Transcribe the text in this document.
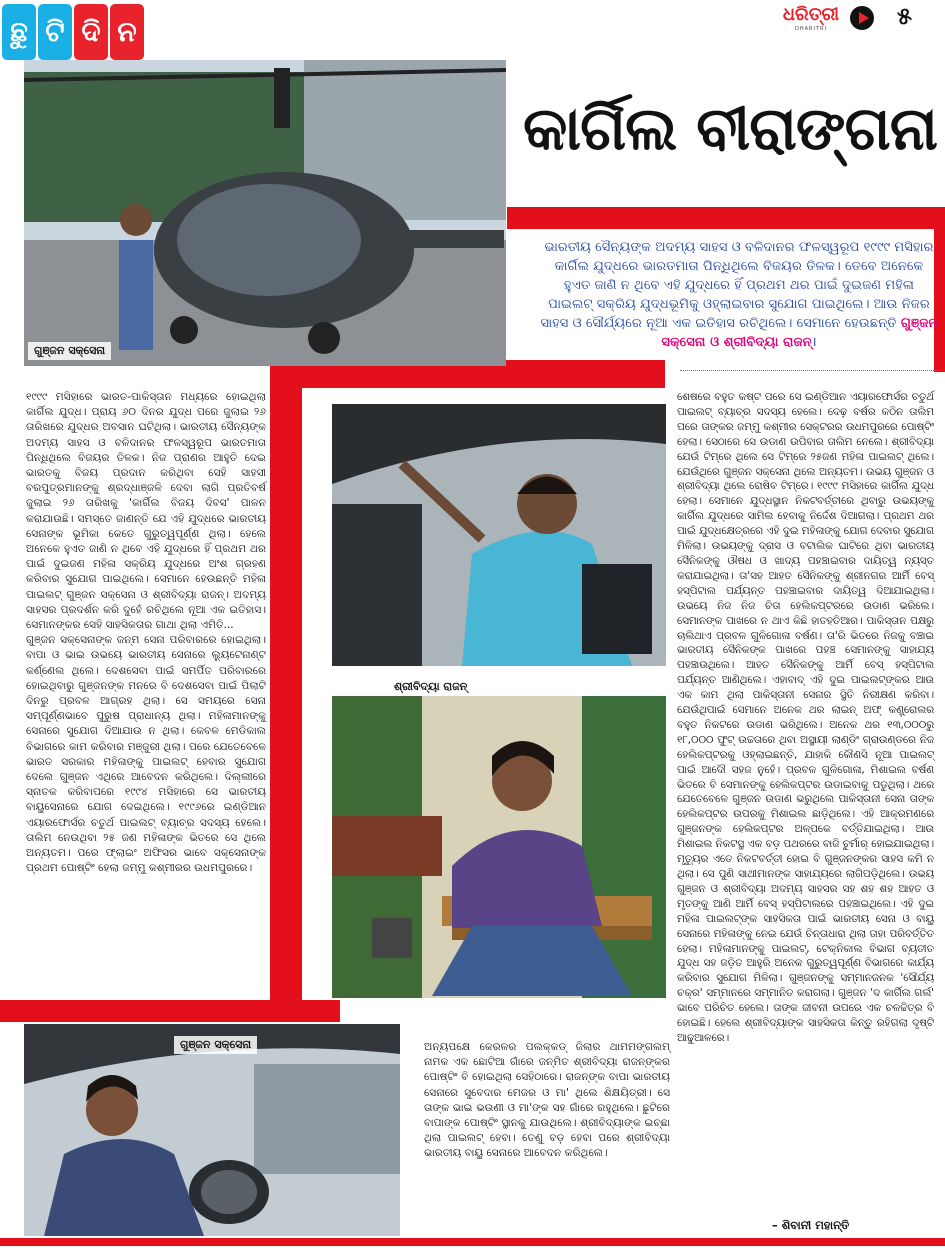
ଛୁ ଟି ଦି ନ
ଧରିତ୍ରୀ
DHARITRI	୫
ଗୁଞ୍ଜନ ସକ୍ସେନା
କାର୍ଗିଲ ବୀରାଙ୍ଗନା
ଭାରତୀୟ ସୈନ୍ୟଙ୍କ ଅଦମ୍ୟ ସାହସ ଓ ବଳିଦାନର ଫଳସ୍ୱରୂପ ୧୯୯୯ ମସିହାର କାର୍ଗିଲ ଯୁଦ୍ଧରେ ଭାରତମାତା ପିନ୍ଧିଥିଲେ ବିଜୟର ତିଳକ। ତେବେ ଅନେକେ ହୁଏତ ଜାଣି ନ ଥିବେ ଏହି ଯୁଦ୍ଧରେ ହିଁ ପ୍ରଥମ ଥର ପାଇଁ ଦୁଇଜଣ ମହିଳା ପାଇଲଟ୍ ସକ୍ରିୟ ଯୁଦ୍ଧଭୂମିକୁ ଓହ୍ଲାଇବାର ସୁଯୋଗ ପାଇଥିଲେ। ଆଉ ନିଜର ସାହସ ଓ ସୌର୍ଯ୍ୟରେ ନୂଆ ଏକ ଇତିହାସ ରଚିଥିଲେ। ସେମାନେ ହେଉଛନ୍ତି ଗୁଞ୍ଜନ ସକ୍ସେନା ଓ ଶ୍ରୀବିଦ୍ୟା ରାଜନ୍।

୧୯୯୯ ମସିହାରେ ଭାରତ-ପାକିସ୍ତାନ ମଧ୍ୟରେ ହୋଇଥିଲା କାର୍ଗିଲ ଯୁଦ୍ଧ। ପ୍ରାୟ ୬୦ ଦିନର ଯୁଦ୍ଧ ପରେ ଜୁଲାଇ ୨୬ ତାରିଖରେ ଯୁଦ୍ଧର ଅବସାନ ଘଟିଥିଲା। ଭାରତୀୟ ସୈନ୍ୟଙ୍କ ଅଦମ୍ୟ ସାହସ ଓ ବଳିଦାନର ଫଳସ୍ୱରୂପ ଭାରତମାତା ପିନ୍ଧିଥିଲେ ବିଜୟର ତିଳକ। ନିଜ ପ୍ରାଣର ଆହୁତି ଦେଇ ଭାରତକୁ ବିଜୟ ପ୍ରଦାନ କରିଥିବା ସେହି ସାହସୀ ବରପୁତ୍ରମାନଙ୍କୁ ଶ୍ରଦ୍ଧାଞ୍ଜଳି ଦେବା ଲାଗି ପ୍ରତିବର୍ଷ ଜୁଲାଇ ୨୬ ତାରିଖକୁ 'କାର୍ଗିଲ ବିଜୟ ଦିବସ' ପାଳନ କରାଯାଉଛି। ସମସ୍ତେ ଜାଣନ୍ତି ଯେ ଏହି ଯୁଦ୍ଧରେ ଭାରତୀୟ ସେନାଙ୍କ ଭୂମିକା କେତେ ଗୁରୁତ୍ୱପୂର୍ଣ୍ଣ ଥିଲା। ହେଲେ ଅନେକେ ହୁଏତ ଜାଣି ନ ଥିବେ ଏହି ଯୁଦ୍ଧରେ ହିଁ ପ୍ରଥମ ଥର ପାଇଁ ଦୁଇଜଣ ମହିଳା ସକ୍ରିୟ ଯୁଦ୍ଧରେ ଅଂଶ ଗ୍ରହଣ କରିବାର ସୁଯୋଗ ପାଇଥିଲେ। ସେମାନେ ହେଉଛନ୍ତି ମହିଳା ପାଇଲଟ୍ ଗୁଞ୍ଜନ ସକ୍ସେନା ଓ ଶ୍ରୀବିଦ୍ୟା ରାଜନ୍। ଅଦମ୍ୟ ସାହସର ପ୍ରଦର୍ଶନ କରି ଦୁହେଁ ରଚିଥିଲେ ନୂଆ ଏକ ଇତିହାସ। ସେମାନଙ୍କର ସେହି ସାହସିକତାର ଗାଥା ଥିଲା ଏମିତି...

ଗୁଞ୍ଜନ ସକ୍ସେନାଙ୍କ ଜନ୍ମ ସେନା ପରିବାରରେ ହୋଇଥିଲା। ବାପା ଓ ଭାଇ ଉଭୟେ ଭାରତୀୟ ସେନାରେ ଲ୍ୟୁଟେନାଣ୍ଟ କର୍ଣ୍ଣେଲ ଥିଲେ। ଦେଶସେବା ପାଇଁ ସମର୍ପିତ ପରିବାରରେ ହୋଇଥିବାରୁ ଗୁଞ୍ଜନଙ୍କ ମନରେ ବି ଦେଶସେବା ପାଇଁ ପିଲାଟି ଦିନରୁ ପ୍ରବଳ ଆଗ୍ରହ ଥିଲା। ସେ ସମୟରେ ସେନା ସମ୍ପୂର୍ଣ୍ଣଭାବେ ପୁରୁଷ ପ୍ରାଧାନ୍ୟ ଥିଲା। ମହିଳାମାନଙ୍କୁ ସେନାରେ ସୁଯୋଗ ଦିଆଯାଉ ନ ଥିଲା। କେବଳ ମେଡିକାଲ ବିଭାଗରେ କାମ କରିବାର ମଞ୍ଜୁରୀ ଥିଲା। ପରେ ଯେତେବେଳେ ଭାରତ ସରକାର ମହିଳାଙ୍କୁ ପାଇଲଟ୍ ହେବାର ସୁଯୋଗ ଦେଲେ ଗୁଞ୍ଜନ ଏଥିରେ ଆବେଦନ କରିଥିଲେ। ଦିଲ୍ଲୀରେ ସ୍ନାତକ କରିବାପରେ ୧୯୯୪ ମସିହାରେ ସେ ଭାରତୀୟ ବାୟୁସେନାରେ ଯୋଗ ଦେଇଥିଲେ। ୧୯୯୬ରେ ଇଣ୍ଡିଆନ ଏୟାରଫୋର୍ସର ଚତୁର୍ଥ ପାଇଲଟ୍ ବ୍ୟାଚ୍‌ର ସଦସ୍ୟ ହେଲେ। ତାଲିମ ନେଉଥିବା ୨୫ ଜଣ ମହିଳାଙ୍କ ଭିତରେ ସେ ଥିଲେ ଅନ୍ୟତମ। ପରେ ଫ୍ଲାଇଂ ଅଫିସର ଭାବେ ସକ୍ସେନାଙ୍କ ପ୍ରଥମ ପୋଷ୍ଟିଂ ହେଲା ଜମ୍ମୁ କଶ୍ମୀରର ଉଧମପୁରରେ।

ଶ୍ରୀବିଦ୍ୟା ରାଜନ୍
ଶେଷରେ ବହୁତ କଷ୍ଟ ପରେ ସେ ଇଣ୍ଡିଆନ ଏୟାରଫୋର୍ସର ଚତୁର୍ଥ ପାଇଲଟ୍ ବ୍ୟାଚ୍‌ର ସଦସ୍ୟ ହେଲେ। ଦେଢ଼ ବର୍ଷର କଠିନ ତାଲିମ ପରେ ତାଙ୍କର ଜମ୍ମୁ କଶ୍ମୀର ସେକ୍ଟରର ଉଧମପୁରରେ ପୋଷ୍ଟିଂ ହେଲା। ସେଠାରେ ସେ ଉଡାଣ ଉପିବାର ତାଲିମ ନେଲେ। ଶ୍ରୀବିଦ୍ୟା ଯେଉଁ ଟିମ୍‌ରେ ଥିଲେ ସେ ଟିମ୍‌ରେ ୨୫ଜଣ ମହିଳା ପାଇଲଟ୍ ଥିଲେ। ଯେଉଁଥିରେ ଗୁଞ୍ଜନ ସକ୍ସେନା ଥିଲେ ଅନ୍ୟତମ। ଉଭୟ ଗୁଞ୍ଜନ ଓ ଶ୍ରୀବିଦ୍ୟା ଥିଲେ ରୋଷିବ ଟିମ୍‌ରେ। ୧୯୯୯ ମସିହାରେ କାର୍ଗିଲ ଯୁଦ୍ଧ ହେଲା। ସେମାନେ ଯୁଦ୍ଧସ୍ଥାନ ନିକଟବର୍ତ୍ତୀରେ ଥିବାରୁ ଉଭୟଙ୍କୁ କାର୍ଗିଲ ଯୁଦ୍ଧରେ ସାମିଲ ହେବାକୁ ନିର୍ଦ୍ଦେଶ ଦିଆଗଲା। ପ୍ରଥମ ଥର ପାଇଁ ଯୁଦ୍ଧକ୍ଷେତ୍ରରେ ଏହି ଦୁଇ ମହିଳାଙ୍କୁ ଯୋଗ ଦେବାର ସୁଯୋଗ ମିଳିଲା। ଉଭୟଙ୍କୁ ଦ୍ରାସ ଓ ବଟାଲିକ ଘାଟିରେ ଥିବା ଭାରତୀୟ ସୈନିକଙ୍କୁ ଔଷଧ ଓ ଖାଦ୍ୟ ପହଞ୍ଚାଇବାର ଦାୟିତ୍ୱ ନ୍ୟସ୍ତ କରାଯାଇଥିଲା। ତା'ସହ ଆହତ ସୈନିକଙ୍କୁ ଶ୍ରୀନଗର ଆର୍ମି ବେସ୍ ହସ୍ପିଟାଲ ପର୍ଯ୍ୟନ୍ତ ପହଞ୍ଚାଇବାର ଦାୟିତ୍ୱ ଦିଆଯାଇଥିଲା। ଉଭୟେ ନିଜ ନିଜ ଚିତା ହେଲିକପ୍ଟରରେ ଉଡାଣ ଭରିଲେ। ସେମାନଙ୍କ ପାଖରେ ନ ଥାଏ କିଛି ହାତହତିଆର। ପାକିସ୍ତାନ ପକ୍ଷରୁ ଚାଲିଥାଏ ପ୍ରବଳ ଗୁଳିଗୋଳା ବର୍ଷଣ। ତା'ରି ଭିତରେ ନିଜକୁ ବଞ୍ଚାଇ ଭାରତୀୟ ସୈନିକଙ୍କ ପାଖରେ ପହଞ୍ଚ ସେମାନଙ୍କୁ ସାହାଯ୍ୟ ପହଞ୍ଚାଉଥିଲେ। ଆହତ ସୈନିକଙ୍କୁ ଆର୍ମି ବେସ୍ ହସ୍ପିଟାଲ ପର୍ଯ୍ୟନ୍ତ ଆଣିଥିଲେ। ଏହାବାଦ୍ ଏହି ଦୁଇ ପାଇଲଟ୍‌ଙ୍କର ଆଉ ଏକ କାମ ଥିଲା ପାକିସ୍ତାନୀ ସେନାର ସ୍ଥିତି ନିରୀକ୍ଷଣ କରିବା। ଯେଉଁଥିପାଇଁ ସେମାନେ ଅନେକ ଥର ଲାଇନ୍ ଅଫ୍ କଣ୍ଟ୍ରୋଲର ବହୁତ ନିକଟରେ ଉଡାଣ ଭରିଥିଲେ। ଅନେକ ଥର ୧୩,୦୦୦ରୁ ୧୮,୦୦୦ ଫୁଟ୍ ଉଚ୍ଚତାରେ ଥିବା ଅସ୍ଥାୟୀ ଲାଣ୍ଡିଂ ଗ୍ରାଉଣ୍ଡରେ ନିଜ ହେଲିକପ୍ଟରକୁ ଓହ୍ଲାଇଛନ୍ତି, ଯାହାକି କୌଣସି ନୂଆ ପାଇଲଟ୍ ପାଇଁ ଆଦୌ ସହଜ ନୁହେଁ। ପ୍ରବଳ ଗୁଳିଗୋଳା, ମିଶାଇଲ ବର୍ଷଣ ଭିତରେ ବି ସେମାନଙ୍କୁ ହେଲିକପ୍ଟର ଉଡାଇବାକୁ ପଡୁଥିଲା। ଥରେ ଯେତେବେଳେ ଗୁଞ୍ଜନ ଉଡାଣ ଭରୁଥିଲେ ପାକିସ୍ତାନୀ ସେନା ତାଙ୍କ ହେଲିକପ୍ଟର ଉପରକୁ ମିଶାଇଲ ଛାଡ଼ିଥିଲେ। ଏହି ଆକ୍ରମଣରେ ଗୁଞ୍ଜନଙ୍କ ହେଲିକପ୍ଟର ଅଳ୍ପକେ ବର୍ତ୍ତିଯାଇଥିଲା। ଆଉ ମିଶାଇଲ ନିକଟସ୍ଥ ଏକ ବଡ଼ ପଥରରେ ବାଜି ଚୁର୍ମାର୍ ହୋଇଯାଇଥିଲା। ମୃତ୍ୟୁର ଏତେ ନିକଟବର୍ତ୍ତୀ ହୋଇ ବି ଗୁଞ୍ଜନଙ୍କର ସାହସ କମି ନ ଥିଲା। ସେ ପୁଣି ସାଥୀମାନଙ୍କ ସାହାଯ୍ୟରେ ଲାଗିପଡ଼ିଥିଲେ। ଉଭୟ ଗୁଞ୍ଜନ ଓ ଶ୍ରୀବିଦ୍ୟା ଅଦମ୍ୟ ସାହସର ସହ ଶହ ଶହ ଆହତ ଓ ମୃତଙ୍କୁ ଆଣି ଆର୍ମି ବେସ୍ ହସ୍ପିଟାଲରେ ପହଞ୍ଚାଇଥିଲେ। ଏହି ଦୁଇ ମହିଳା ପାଇଲଟ୍‌ଙ୍କ ସାହସିକତା ପାଇଁ ଭାରତୀୟ ସେନା ଓ ବାୟୁ ସେନାରେ ମହିଳାଙ୍କୁ ନେଇ ଯେଉଁ ଚିନ୍ତାଧାରା ଥିଲା ତାହା ପରିବର୍ତ୍ତିତ ହେଲା। ମହିଳାମାନଙ୍କୁ ପାଇଲଟ୍, ଟେକ୍ନିକାଲ ବିଭାଗ ବ୍ୟତୀତ ଯୁଦ୍ଧ ସହ ଜଡ଼ିତ ଆହୁରି ଅନେକ ଗୁରୁତ୍ୱପୂର୍ଣ୍ଣ ବିଭାଗରେ କାର୍ଯ୍ୟ କରିବାର ସୁଯୋଗ ମିଳିଲା। ଗୁଞ୍ଜନଙ୍କୁ ସମ୍ମାନଜନକ 'ସୌର୍ଯ୍ୟ ଚକ୍ର' ସମ୍ମାନରେ ସମ୍ମାନିତ କରାଗଲା। ଗୁଞ୍ଜନ 'ଦ କାର୍ଗିଲ ଗର୍ଲ' ଭାବେ ପରିଚିତ ହେଲେ। ତାଙ୍କ ଜୀବନୀ ଉପରେ ଏକ ଚଳଚ୍ଚିତ୍ର ବି ହୋଇଛି। ହେଲେ ଶ୍ରୀବିଦ୍ୟାଙ୍କ ସାହସିକତା କିନ୍ତୁ ରହିଗଲା ଦୃଷ୍ଟି ଆଢୁଆଳରେ।
ଗୁଞ୍ଜନ ସକ୍ସେନା	ଅନ୍ୟପକ୍ଷେ କେରଳର ପଲକ୍କଡ୍ ଜିଲାର ଥାମମଙ୍ଗଲମ୍ ନାମକ ଏକ ଛୋଟିଆ ଗାଁରେ ଜନ୍ମିତ ଶ୍ରୀବିଦ୍ୟା ରାଜନ୍‌ଙ୍କର ପୋଷ୍ଟିଂ ବି ହୋଇଥିଲା ସେହିଠାରେ। ରାଜନ୍‌ଙ୍କ ବାପା ଭାରତୀୟ ସେନାରେ ସୁବେଦାର ମେଜର ଓ ମା' ଥିଲେ ଶିକ୍ଷୟିତ୍ରୀ। ସେ ତାଙ୍କ ଭାଇ ଭଉଣୀ ଓ ମା'ଙ୍କ ସହ ଗାଁରେ ରହୁଥିଲେ। ଛୁଟିରେ ବାପାଙ୍କ ପୋଷ୍ଟିଂ ସ୍ଥାନକୁ ଯାଉଥିଲେ। ଶ୍ରୀବିଦ୍ୟାଙ୍କ ଇଚ୍ଛା ଥିଲା ପାଇଲଟ୍ ହେବା। ତେଣୁ ବଡ଼ ହେବା ପରେ ଶ୍ରୀବିଦ୍ୟା ଭାରତୀୟ ବାୟୁ ସେନାରେ ଆବେଦନ କରିଥିଲେ।
– ଶିବାନୀ ମହାନ୍ତି
